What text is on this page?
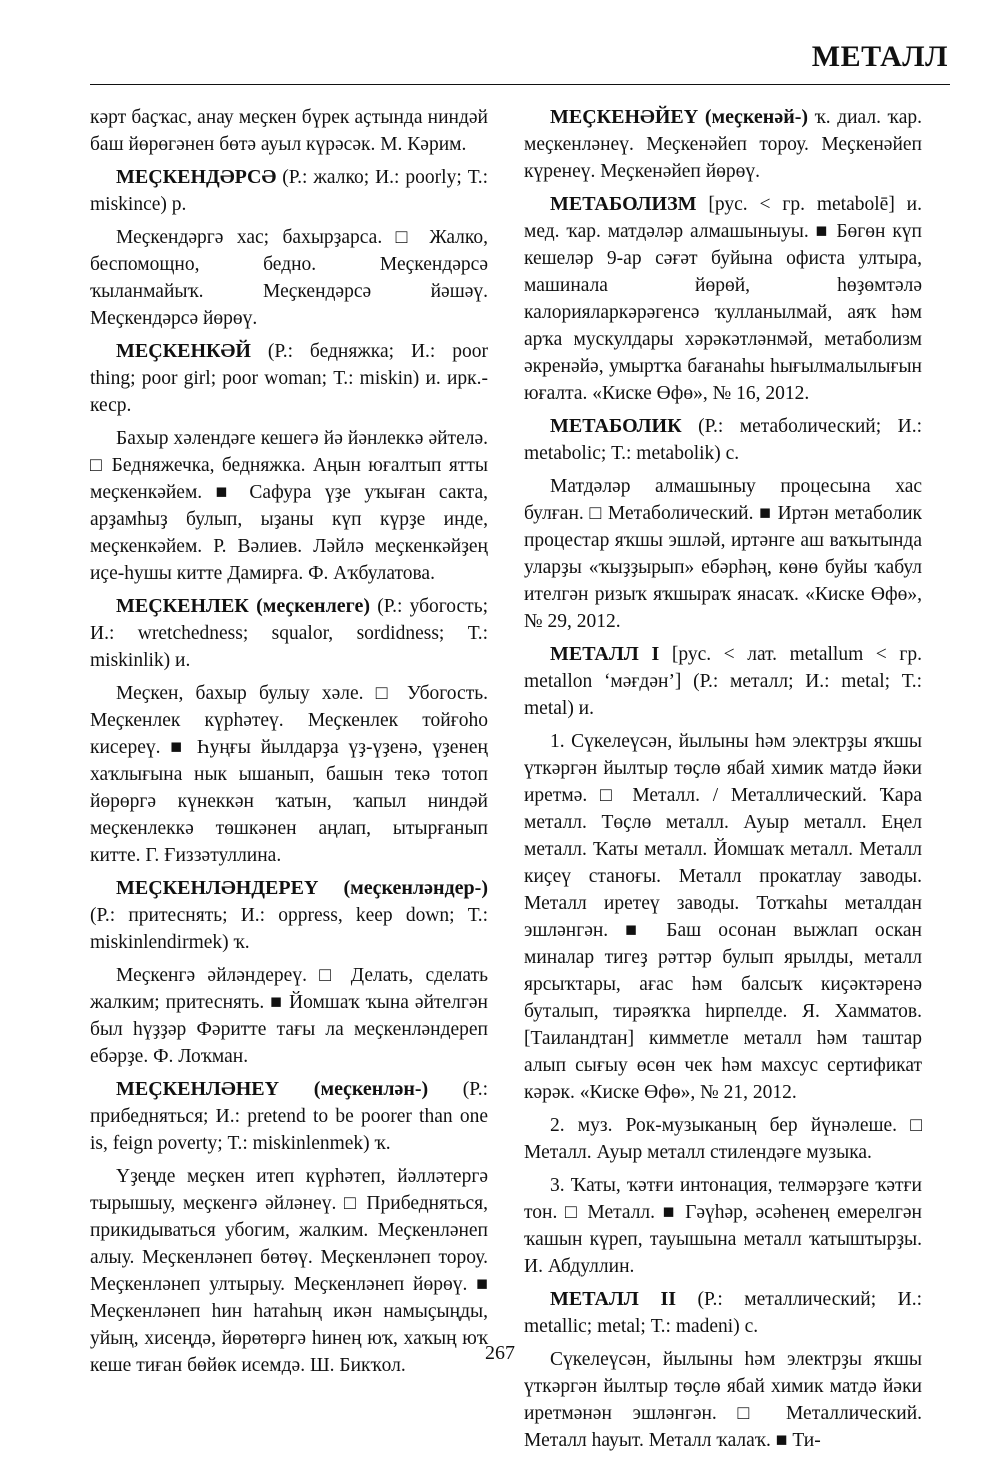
МЕТАЛЛ

кәрт баҫҡас, анау меҫкен бүрек аҫтында ниндәй баш йөрөгәнен бөтә ауыл күрәсәк. М. Кәрим.

МЕҪКЕНДӘРСӘ (Р.: жалко; И.: poorly; Т.: miskince) р.

Меҫкендәргә хас; бахырҙарса. □ Жалко, беспомощно, бедно. Меҫкендәрсә ҡыланмайыҡ. Меҫкендәрсә йәшәү. Меҫкендәрсә йөрөү.

МЕҪКЕНКӘЙ (Р.: бедняжка; И.: poor thing; poor girl; poor woman; Т.: miskin) и. ирк.-кеср.

Бахыр хәлендәге кешегә йә йәнлеккә әйтелә. □ Бедняжечка, бедняжка. Аңын юғалтып ятты меҫкенкәйем. ■ Сафура үҙе уҡыған сакта, арҙамһыҙ булып, ыҙаны күп күрҙе инде, меҫкенкәйем. Р. Вәлиев. Ләйлә меҫкенкәйҙең иҫе-һушы китте Дамирға. Ф. Аҡбулатова.

МЕҪКЕНЛЕК (меҫкенлеге) (Р.: убогость; И.: wretchedness; squalor, sordidness; Т.: miskinlik) и.

Меҫкен, бахыр булыу хәле. □ Убогость. Меҫкенлек күрһәтеү. Меҫкенлек тойғоho кисереү. ■ Һуңғы йылдарҙа үҙ-үҙенә, үҙенең хаҡлығына нык ышанып, башын текә тотоп йөрөргә күнеккән ҡатын, ҡапыл ниндәй меҫкенлеккә төшкәнен аңлап, ытырғанып китте. Г. Ғиззәтуллина.

МЕҪКЕНЛӘНДЕРЕҮ (меҫкенләндер-) (Р.: притеснять; И.: oppress, keep down; Т.: miskinlendirmek) ҡ.

Меҫкенгә әйләндереү. □ Делать, сделать жалким; притеснять. ■ Йомшаҡ ҡына әйтелгән был һүҙҙәр Фәритте тағы ла меҫкенләндереп ебәрҙе. Ф. Лоҡман.

МЕҪКЕНЛӘНЕҮ (меҫкенлән-) (Р.: прибедняться; И.: pretend to be poorer than one is, feign poverty; Т.: miskinlenmek) ҡ.

Үҙеңде меҫкен итеп күрһәтеп, йәлләтергә тырышыу, меҫкенгә әйләнеү. □ Прибедняться, прикидываться убогим, жалким. Меҫкенләнеп алыу. Меҫкенләнеп бөтөү. Меҫкенләнеп тороу. Меҫкенләнеп ултырыу. Меҫкенләнеп йөрөү. ■ Меҫкенләнеп һин һатаһың икән намыҫыңды, уйың, хисеңдә, йөрөтөргә һинең юҡ, хаҡың юҡ кеше тиған бөйөк исемдә. Ш. Бикҡол.

МЕҪКЕНӘЙЕҮ (меҫкенәй-) ҡ. диал. ҡар. меҫкенләнеү. Меҫкенәйеп тороу. Меҫкенәйеп күренеү. Меҫкенәйеп йөрөү.

МЕТАБОЛИЗМ [рус. < гр. metabolē] и. мед. ҡар. матдәләр алмашыныуы. ■ Бөгөн күп кешеләр 9-ар сәғәт буйына офиста ултыра, машинала йөрөй, һөҙөмтәлә калорияларкәрәгенсә ҡулланылмай, аяҡ һәм арҡа мускулдары хәрәкәтләнмәй, метаболизм әкренәйә, умыртҡа бағанаһы һығылмалылығын юғалта. «Киске Өфө», № 16, 2012.

МЕТАБОЛИК (Р.: метаболический; И.: metabolic; Т.: metabolik) с.

Матдәләр алмашыныу процесына хас булған. □ Метаболический. ■ Иртән метаболик процестар яҡшы эшләй, иртәнге аш ваҡытында уларҙы «ҡыҙҙырып» ебәрһәң, көнө буйы ҡабул ителгән ризыҡ яҡшыраҡ янасаҡ. «Киске Өфө», № 29, 2012.

МЕТАЛЛ I [рус. < лат. metallum < гр. metallon ‘мәғдән’] (Р.: металл; И.: metal; Т.: metal) и.

1. Сүкелеүсән, йылыны һәм электрҙы яҡшы үткәргән йылтыр төҫлө ябай химик матдә йәки иретмә. □ Металл. / Металлический. Ҡара металл. Төҫлө металл. Ауыр металл. Еңел металл. Ҡаты металл. Йомшаҡ металл. Металл киҫеү станоғы. Металл прокатлау заводы. Металл иретеү заводы. Тотҡаһы металдан эшләнгән. ■ Баш осонан выжлап оскан миналар тигеҙ рәттәр булып ярылды, металл ярсыҡтары, ағас һәм балсыҡ киҫәктәренә буталып, тирәяҡҡа һирпелде. Я. Хамматов. [Таиландтан] кимметле металл һәм таштар алып сығыу өсөн чек һәм махсус сертификат кәрәк. «Киске Өфө», № 21, 2012.

2. муз. Рок-музыканың бер йүнәлеше. □ Металл. Ауыр металл стилендәге музыка.

3. Ҡаты, ҡәтғи интонация, телмәрҙәге ҡәтғи тон. □ Металл. ■ Гәүһәр, әсәһенең емерелгән ҡашын күреп, тауышына металл ҡатыштырҙы. И. Абдуллин.

МЕТАЛЛ II (Р.: металлический; И.: metallic; metal; Т.: madeni) с.

Сүкелеүсән, йылыны һәм электрҙы яҡшы үткәргән йылтыр төҫлө ябай химик матдә йәки иретмәнән эшләнгән. □ Металлический. Металл һауыт. Металл ҡалаҡ. ■ Ти-

267
